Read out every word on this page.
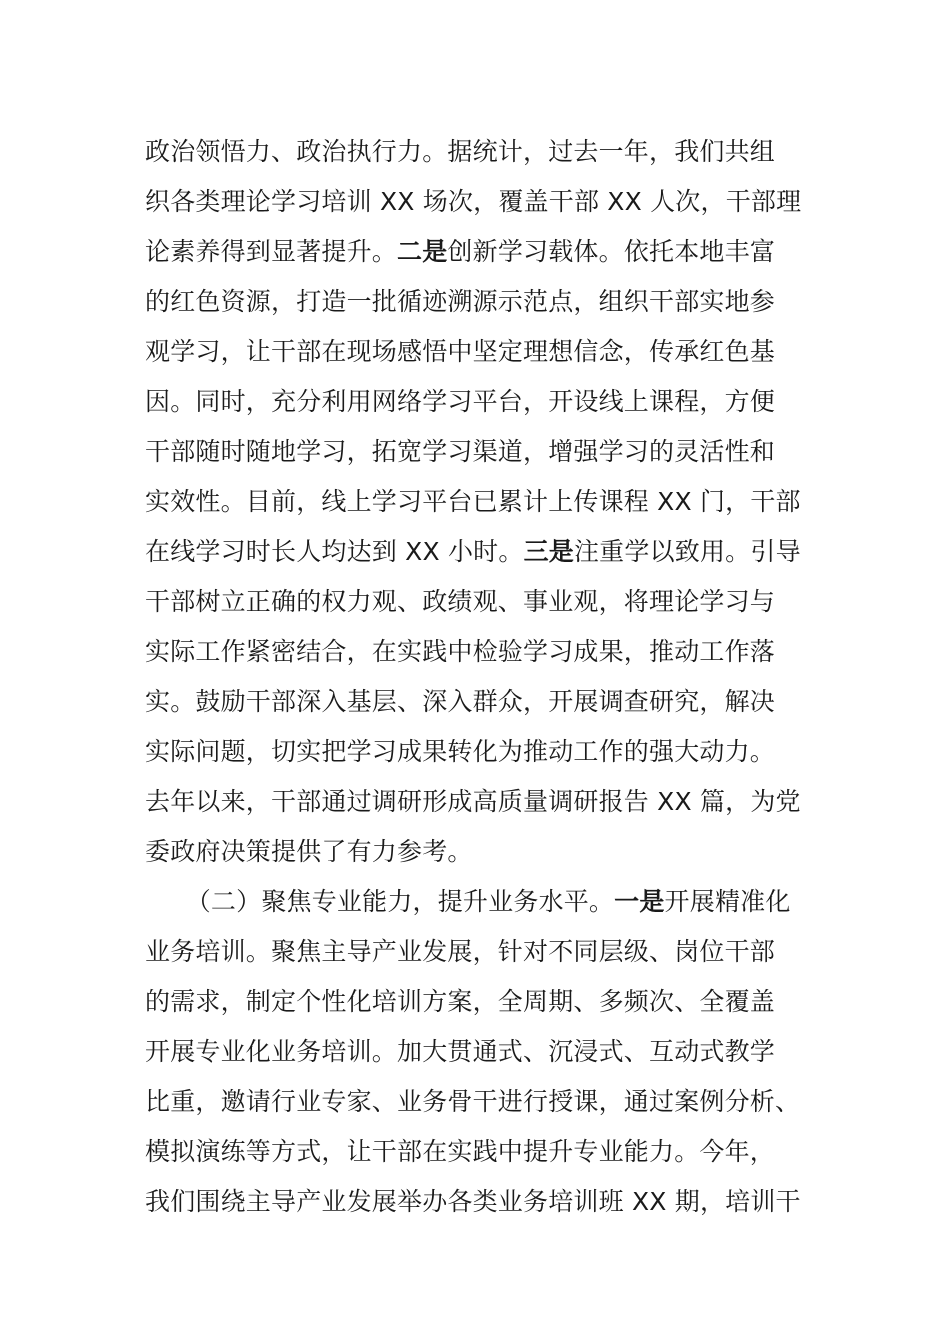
政治领悟力、政治执行力。据统计，过去一年，我们共组
织各类理论学习培训 XX 场次，覆盖干部 XX 人次，干部理
论素养得到显著提升。二是创新学习载体。依托本地丰富
的红色资源，打造一批循迹溯源示范点，组织干部实地参
观学习，让干部在现场感悟中坚定理想信念，传承红色基
因。同时，充分利用网络学习平台，开设线上课程，方便
干部随时随地学习，拓宽学习渠道，增强学习的灵活性和
实效性。目前，线上学习平台已累计上传课程 XX 门，干部
在线学习时长人均达到 XX 小时。三是注重学以致用。引导
干部树立正确的权力观、政绩观、事业观，将理论学习与
实际工作紧密结合，在实践中检验学习成果，推动工作落
实。鼓励干部深入基层、深入群众，开展调查研究，解决
实际问题，切实把学习成果转化为推动工作的强大动力。
去年以来，干部通过调研形成高质量调研报告 XX 篇，为党
委政府决策提供了有力参考。
（二）聚焦专业能力，提升业务水平。一是开展精准化
业务培训。聚焦主导产业发展，针对不同层级、岗位干部
的需求，制定个性化培训方案，全周期、多频次、全覆盖
开展专业化业务培训。加大贯通式、沉浸式、互动式教学
比重，邀请行业专家、业务骨干进行授课，通过案例分析、
模拟演练等方式，让干部在实践中提升专业能力。今年，
我们围绕主导产业发展举办各类业务培训班 XX 期，培训干
